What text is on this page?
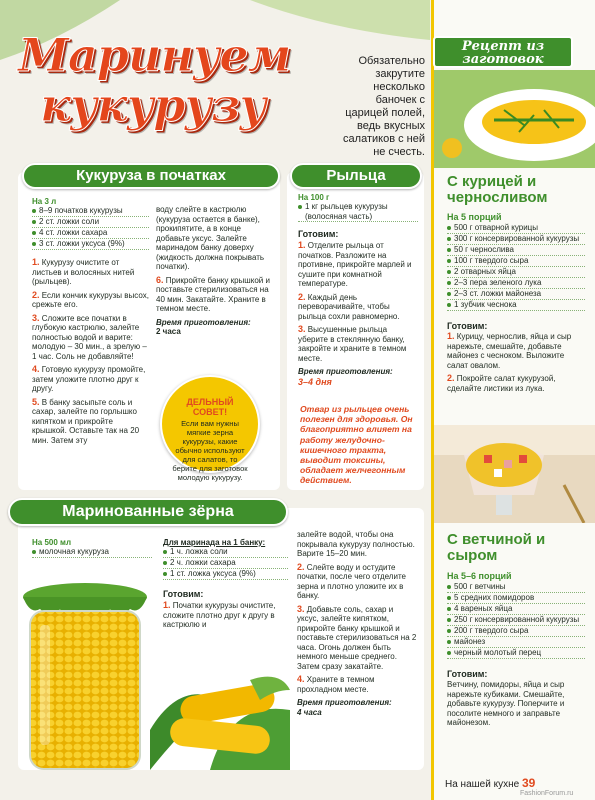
Маринуем
кукурузу
Обязательно закрутите несколько баночек с царицей полей, ведь вкусных салатиков с ней не счесть.
Кукуруза в початках
На 3 л
8–9 початков кукурузы
2 ст. ложки соли
4 ст. ложки сахара
3 ст. ложки уксуса (9%)
1. Кукурузу очистите от листьев и волосяных нитей (рыльцев).
2. Если кончик кукурузы высох, срежьте его.
3. Сложите все початки в глубокую кастрюлю, залейте полностью водой и варите: молодую – 30 мин., а зрелую – 1 час. Соль не добавляйте!
4. Готовую кукурузу промойте, затем уложите плотно друг к другу.
5. В банку засыпьте соль и сахар, залейте по горлышко кипятком и прикройте крышкой. Оставьте так на 20 мин. Затем эту
воду слейте в кастрюлю (кукуруза остается в банке), прокипятите, а в конце добавьте уксус. Залейте маринадом банку доверху (жидкость должна покрывать початки).
6. Прикройте банку крышкой и поставьте стерилизоваться на 40 мин. Закатайте. Храните в темном месте.
Время приготовления:
2 часа
ДЕЛЬНЫЙ СОВЕТ!
Если вам нужны мягкие зерна кукурузы, какие обычно используют для салатов, то берите для заготовок молодую кукурузу.
Рыльца
На 100 г
1 кг рыльцев кукурузы (волосяная часть)
Готовим:
1. Отделите рыльца от початков. Разложите на противне, прикройте марлей и сушите при комнатной температуре.
2. Каждый день переворачивайте, чтобы рыльца сохли равномерно.
3. Высушенные рыльца уберите в стеклянную банку, закройте и храните в темном месте.
Время приготовления:
3–4 дня
Отвар из рыльцев очень полезен для здоровья. Он благоприятно влияет на работу желудочно-кишечного тракта, выводит токсины, обладает желчегонным действием.
Маринованные зёрна
На 500 мл
молочная кукуруза
Для маринада на 1 банку:
1 ч. ложка соли
2 ч. ложки сахара
1 ст. ложка уксуса (9%)
Готовим:
1. Початки кукурузы очистите, сложите плотно друг к другу в кастрюлю и
залейте водой, чтобы она покрывала кукурузу полностью. Варите 15–20 мин.
2. Слейте воду и остудите початки, после чего отделите зерна и плотно уложите их в банку.
3. Добавьте соль, сахар и уксус, залейте кипятком, прикройте банку крышкой и поставьте стерилизоваться на 2 часа. Огонь должен быть немного меньше среднего. Затем сразу закатайте.
4. Храните в темном прохладном месте.
Время приготовления:
4 часа
Рецепт из заготовок
С курицей и черносливом
На 5 порций
500 г отварной курицы
300 г консервированной кукурузы
50 г чернослива
100 г твердого сыра
2 отварных яйца
2–3 пера зеленого лука
2–3 ст. ложки майонеза
1 зубчик чеснока
Готовим:
1. Курицу, чернослив, яйца и сыр нарежьте, смешайте, добавьте майонез с чесноком. Выложите салат овалом.
2. Покройте салат кукурузой, сделайте листики из лука.
С ветчиной и сыром
На 5–6 порций
500 г ветчины
5 средних помидоров
4 вареных яйца
250 г консервированной кукурузы
200 г твердого сыра
майонез
черный молотый перец
Готовим:
Ветчину, помидоры, яйца и сыр нарежьте кубиками. Смешайте, добавьте кукурузу. Поперчите и посолите немного и заправьте майонезом.
На нашей кухне 39
FashionForum.ru
